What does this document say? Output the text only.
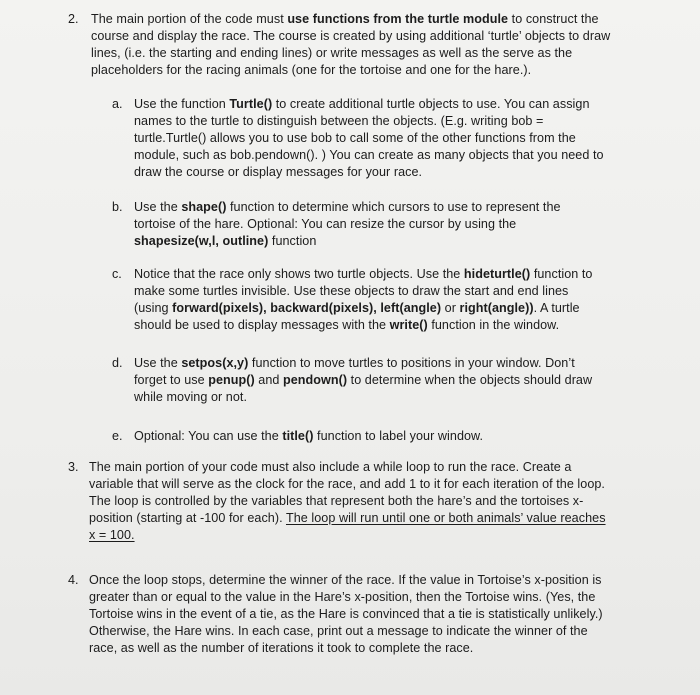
2. The main portion of the code must use functions from the turtle module to construct the course and display the race. The course is created by using additional ‘turtle’ objects to draw lines, (i.e. the starting and ending lines) or write messages as well as the serve as the placeholders for the racing animals (one for the tortoise and one for the hare.).
a. Use the function Turtle() to create additional turtle objects to use. You can assign names to the turtle to distinguish between the objects. (E.g. writing bob = turtle.Turtle() allows you to use bob to call some of the other functions from the module, such as bob.pendown(). ) You can create as many objects that you need to draw the course or display messages for your race.
b. Use the shape() function to determine which cursors to use to represent the tortoise of the hare. Optional: You can resize the cursor by using the shapesize(w,l, outline) function
c. Notice that the race only shows two turtle objects. Use the hideturtle() function to make some turtles invisible. Use these objects to draw the start and end lines (using forward(pixels), backward(pixels), left(angle) or right(angle)). A turtle should be used to display messages with the write() function in the window.
d. Use the setpos(x,y) function to move turtles to positions in your window. Don’t forget to use penup() and pendown() to determine when the objects should draw while moving or not.
e. Optional: You can use the title() function to label your window.
3. The main portion of your code must also include a while loop to run the race. Create a variable that will serve as the clock for the race, and add 1 to it for each iteration of the loop. The loop is controlled by the variables that represent both the hare’s and the tortoises x-position (starting at -100 for each). The loop will run until one or both animals’ value reaches x = 100.
4. Once the loop stops, determine the winner of the race. If the value in Tortoise’s x-position is greater than or equal to the value in the Hare’s x-position, then the Tortoise wins. (Yes, the Tortoise wins in the event of a tie, as the Hare is convinced that a tie is statistically unlikely.) Otherwise, the Hare wins. In each case, print out a message to indicate the winner of the race, as well as the number of iterations it took to complete the race.
